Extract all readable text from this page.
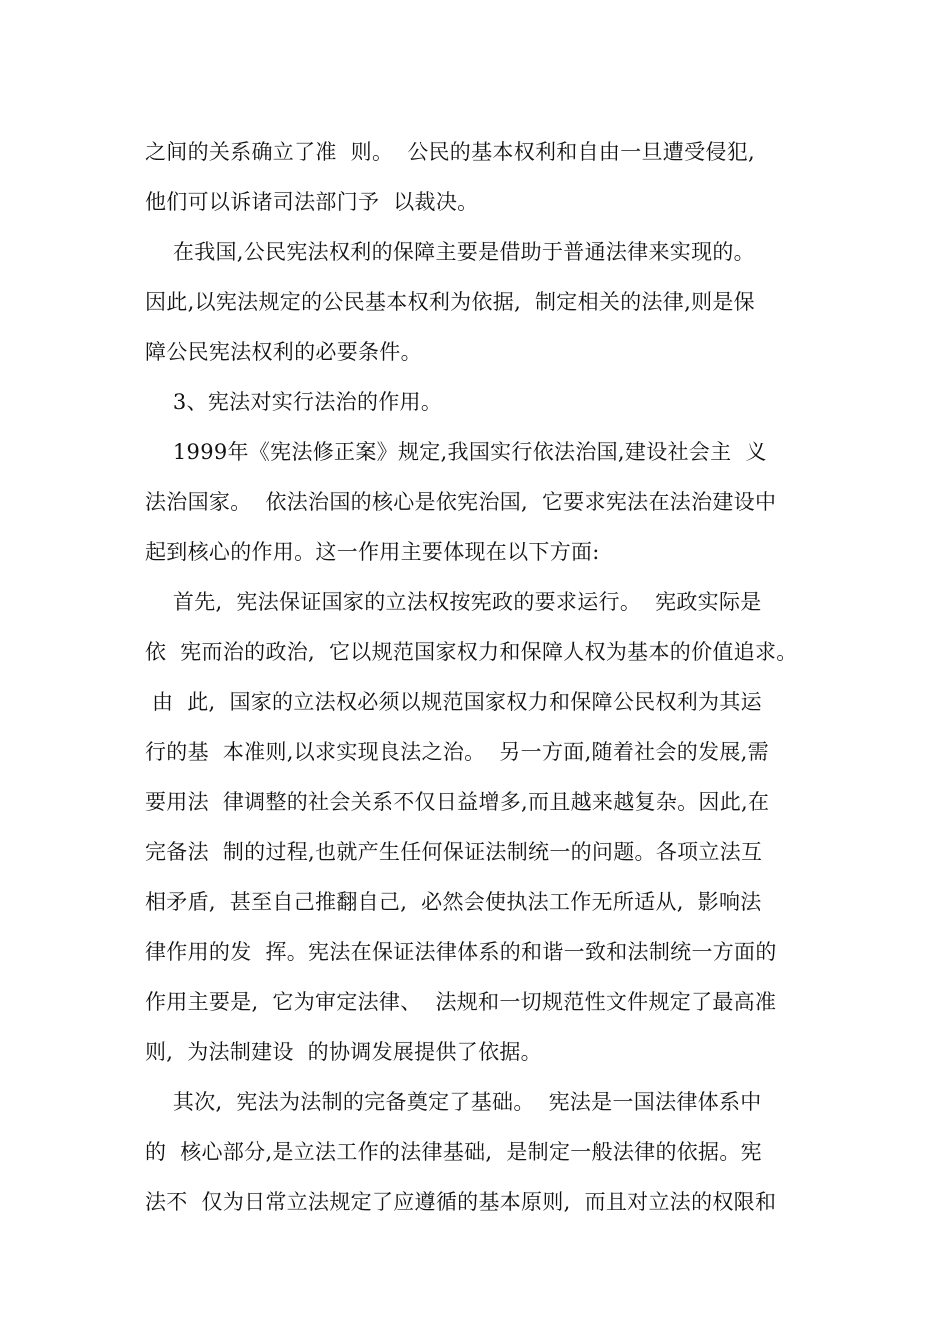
之间的关系确立了准  则。  公民的基本权利和自由一旦遭受侵犯,
他们可以诉诸司法部门予  以裁决。
在我国,公民宪法权利的保障主要是借助于普通法律来实现的。
因此,以宪法规定的公民基本权利为依据,  制定相关的法律,则是保
障公民宪法权利的必要条件。
3、宪法对实行法治的作用。
1999年《宪法修正案》规定,我国实行依法治国,建设社会主  义
法治国家。  依法治国的核心是依宪治国,  它要求宪法在法治建设中
起到核心的作用。这一作用主要体现在以下方面:
首先,  宪法保证国家的立法权按宪政的要求运行。  宪政实际是
依  宪而治的政治,  它以规范国家权力和保障人权为基本的价值追求。
由  此,  国家的立法权必须以规范国家权力和保障公民权利为其运
行的基  本准则,以求实现良法之治。  另一方面,随着社会的发展,需
要用法  律调整的社会关系不仅日益增多,而且越来越复杂。因此,在
完备法  制的过程,也就产生任何保证法制统一的问题。各项立法互
相矛盾,  甚至自己推翻自己,  必然会使执法工作无所适从,  影响法
律作用的发  挥。宪法在保证法律体系的和谐一致和法制统一方面的
作用主要是,  它为审定法律、  法规和一切规范性文件规定了最高准
则,  为法制建设  的协调发展提供了依据。
其次,  宪法为法制的完备奠定了基础。  宪法是一国法律体系中
的  核心部分,是立法工作的法律基础,  是制定一般法律的依据。宪
法不  仅为日常立法规定了应遵循的基本原则,  而且对立法的权限和
